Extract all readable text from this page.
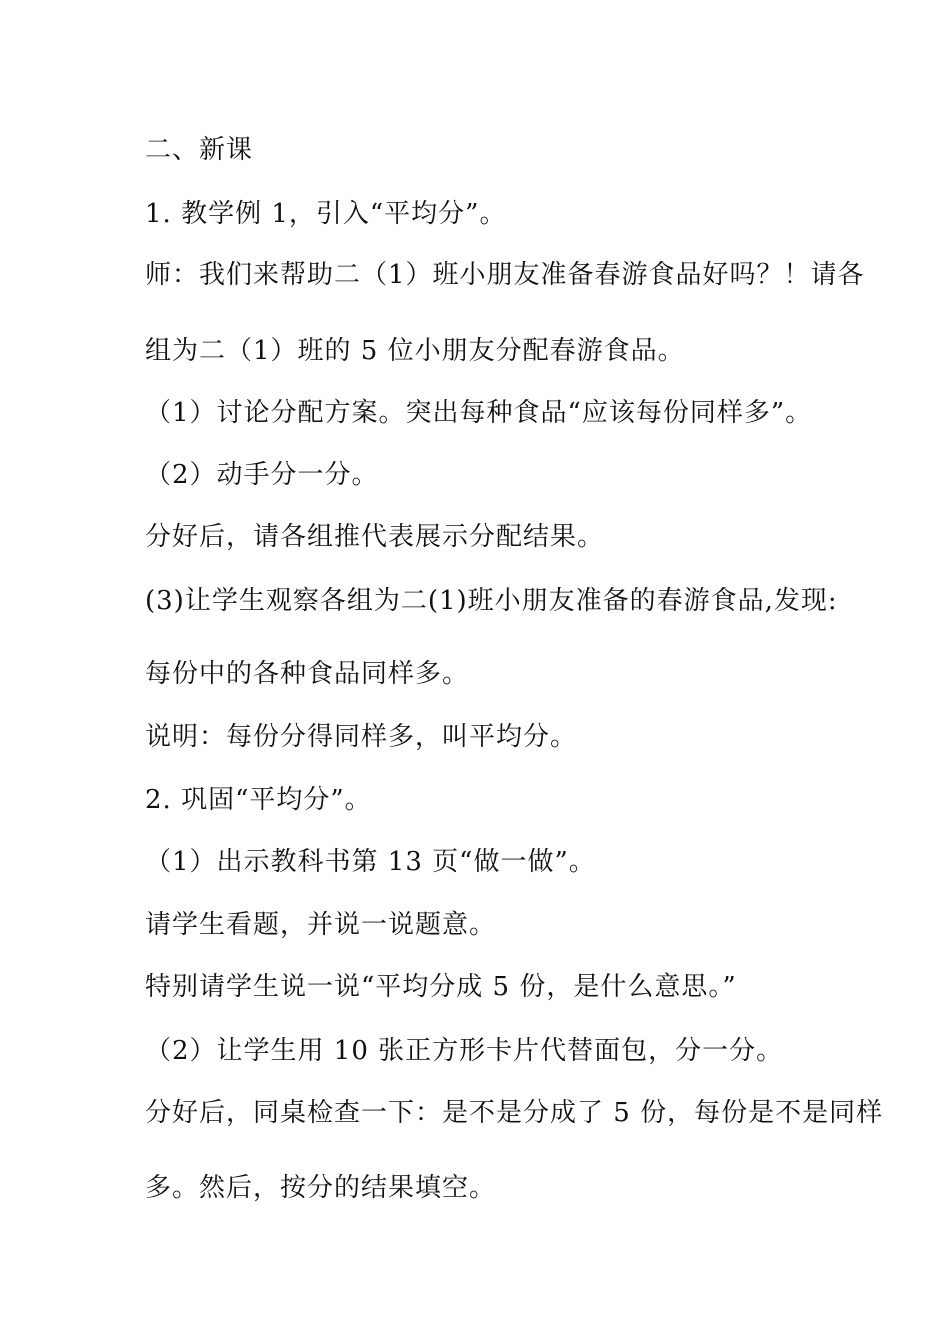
二、新课
1. 教学例 1，引入“平均分”。
师：我们来帮助二（1）班小朋友准备春游食品好吗？！请各
组为二（1）班的 5 位小朋友分配春游食品。
（1）讨论分配方案。突出每种食品“应该每份同样多”。
（2）动手分一分。
分好后，请各组推代表展示分配结果。
(3)让学生观察各组为二(1)班小朋友准备的春游食品,发现:
每份中的各种食品同样多。
说明：每份分得同样多，叫平均分。
2. 巩固“平均分”。
（1）出示教科书第 13 页“做一做”。
请学生看题，并说一说题意。
特别请学生说一说“平均分成 5 份，是什么意思。”
（2）让学生用 10 张正方形卡片代替面包，分一分。
分好后，同桌检查一下：是不是分成了 5 份，每份是不是同样
多。然后，按分的结果填空。
